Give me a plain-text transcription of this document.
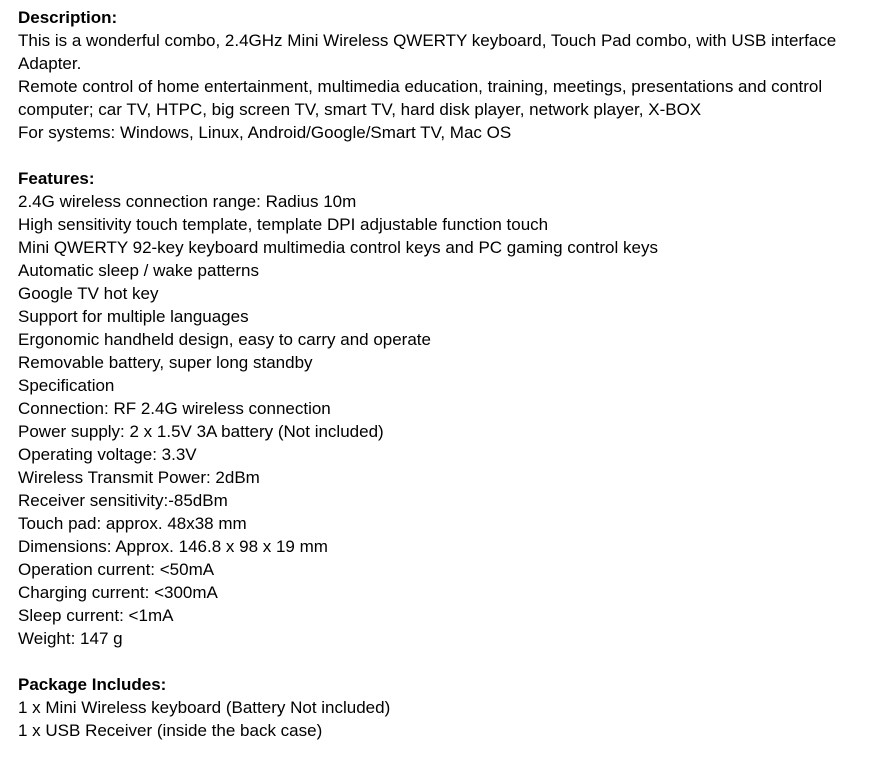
Description:
This is a wonderful combo, 2.4GHz Mini Wireless QWERTY keyboard, Touch Pad combo, with USB interface Adapter.
Remote control of home entertainment, multimedia education, training, meetings, presentations and control computer; car TV, HTPC, big screen TV, smart TV, hard disk player, network player, X-BOX
For systems: Windows, Linux, Android/Google/Smart TV, Mac OS
Features:
2.4G wireless connection range: Radius 10m
High sensitivity touch template, template DPI adjustable function touch
Mini QWERTY 92-key keyboard multimedia control keys and PC gaming control keys
Automatic sleep / wake patterns
Google TV hot key
Support for multiple languages
Ergonomic handheld design, easy to carry and operate
Removable battery, super long standby
Specification
Connection: RF 2.4G wireless connection
Power supply: 2 x 1.5V 3A battery (Not included)
Operating voltage: 3.3V
Wireless Transmit Power: 2dBm
Receiver sensitivity:-85dBm
Touch pad: approx. 48x38 mm
Dimensions: Approx. 146.8 x 98 x 19 mm
Operation current: <50mA
Charging current: <300mA
Sleep current: <1mA
Weight: 147 g
Package Includes:
1 x Mini Wireless keyboard (Battery Not included)
1 x USB Receiver (inside the back case)
